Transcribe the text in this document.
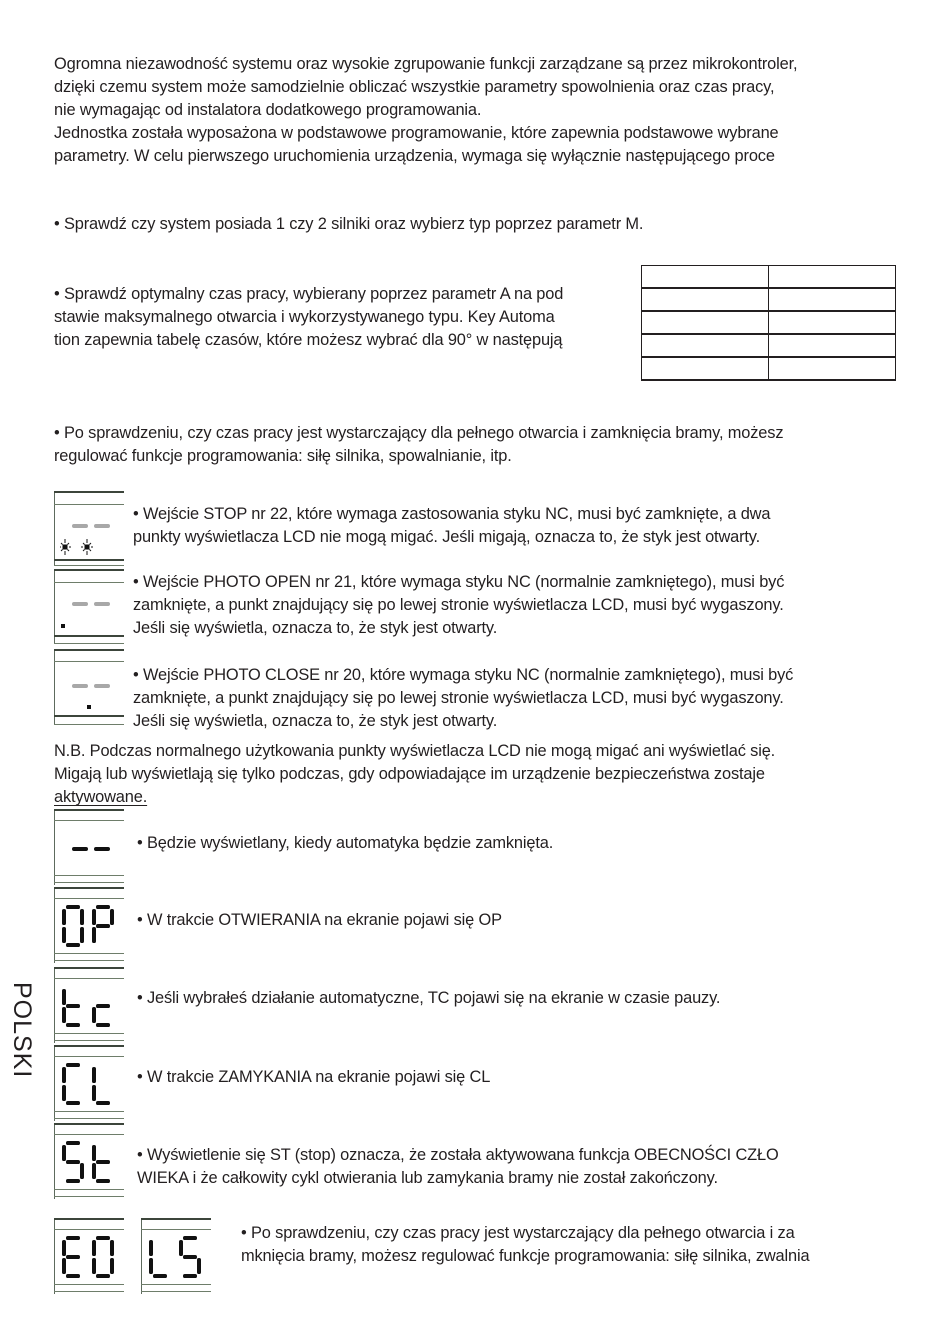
Ogromna niezawodność systemu oraz wysokie zgrupowanie funkcji zarządzane są przez mikrokontroler,

dzięki czemu system może samodzielnie obliczać wszystkie parametry spowolnienia oraz czas pracy,

nie wymagając od instalatora dodatkowego programowania.

Jednostka została wyposażona w podstawowe programowanie, które zapewnia podstawowe wybrane

parametry. W celu pierwszego uruchomienia urządzenia, wymaga się wyłącznie następującego proce

• Sprawdź czy system posiada 1 czy 2 silniki oraz wybierz typ poprzez parametr M.

• Sprawdź optymalny czas pracy, wybierany poprzez parametr A na pod

stawie maksymalnego otwarcia i wykorzystywanego typu. Key Automa

tion zapewnia tabelę czasów, które możesz wybrać dla 90° w następują

• Po sprawdzeniu, czy czas pracy jest wystarczający dla pełnego otwarcia i zamknięcia bramy, możesz

regulować funkcje programowania: siłę silnika, spowalnianie, itp.

• Wejście STOP nr 22, które wymaga zastosowania styku NC, musi być zamknięte, a dwa

punkty wyświetlacza LCD nie mogą migać. Jeśli migają, oznacza to, że styk jest otwarty.

• Wejście PHOTO OPEN nr 21, które wymaga styku NC (normalnie zamkniętego), musi być

zamknięte, a punkt znajdujący się po lewej stronie wyświetlacza LCD, musi być wygaszony.

Jeśli się wyświetla, oznacza to, że styk jest otwarty.

• Wejście PHOTO CLOSE nr 20, które wymaga styku NC (normalnie zamkniętego), musi być

zamknięte, a punkt znajdujący się po lewej stronie wyświetlacza LCD, musi być wygaszony.

Jeśli się wyświetla, oznacza to, że styk jest otwarty.

N.B. Podczas normalnego użytkowania punkty wyświetlacza LCD nie mogą migać ani wyświetlać się.

Migają lub wyświetlają się tylko podczas, gdy odpowiadające im urządzenie bezpieczeństwa zostaje

aktywowane.

• Będzie wyświetlany, kiedy automatyka będzie zamknięta.
• W trakcie OTWIERANIA na ekranie pojawi się OP
• Jeśli wybrałeś działanie automatyczne, TC pojawi się na ekranie w czasie pauzy.
• W trakcie ZAMYKANIA na ekranie pojawi się CL

• Wyświetlenie się ST (stop) oznacza, że została aktywowana funkcja OBECNOŚCI CZŁO

WIEKA i że całkowity cykl otwierania lub zamykania bramy nie został zakończony.

• Po sprawdzeniu, czy czas pracy jest wystarczający dla pełnego otwarcia i za

mknięcia bramy, możesz regulować funkcje programowania: siłę silnika, zwalnia

POLSKI
